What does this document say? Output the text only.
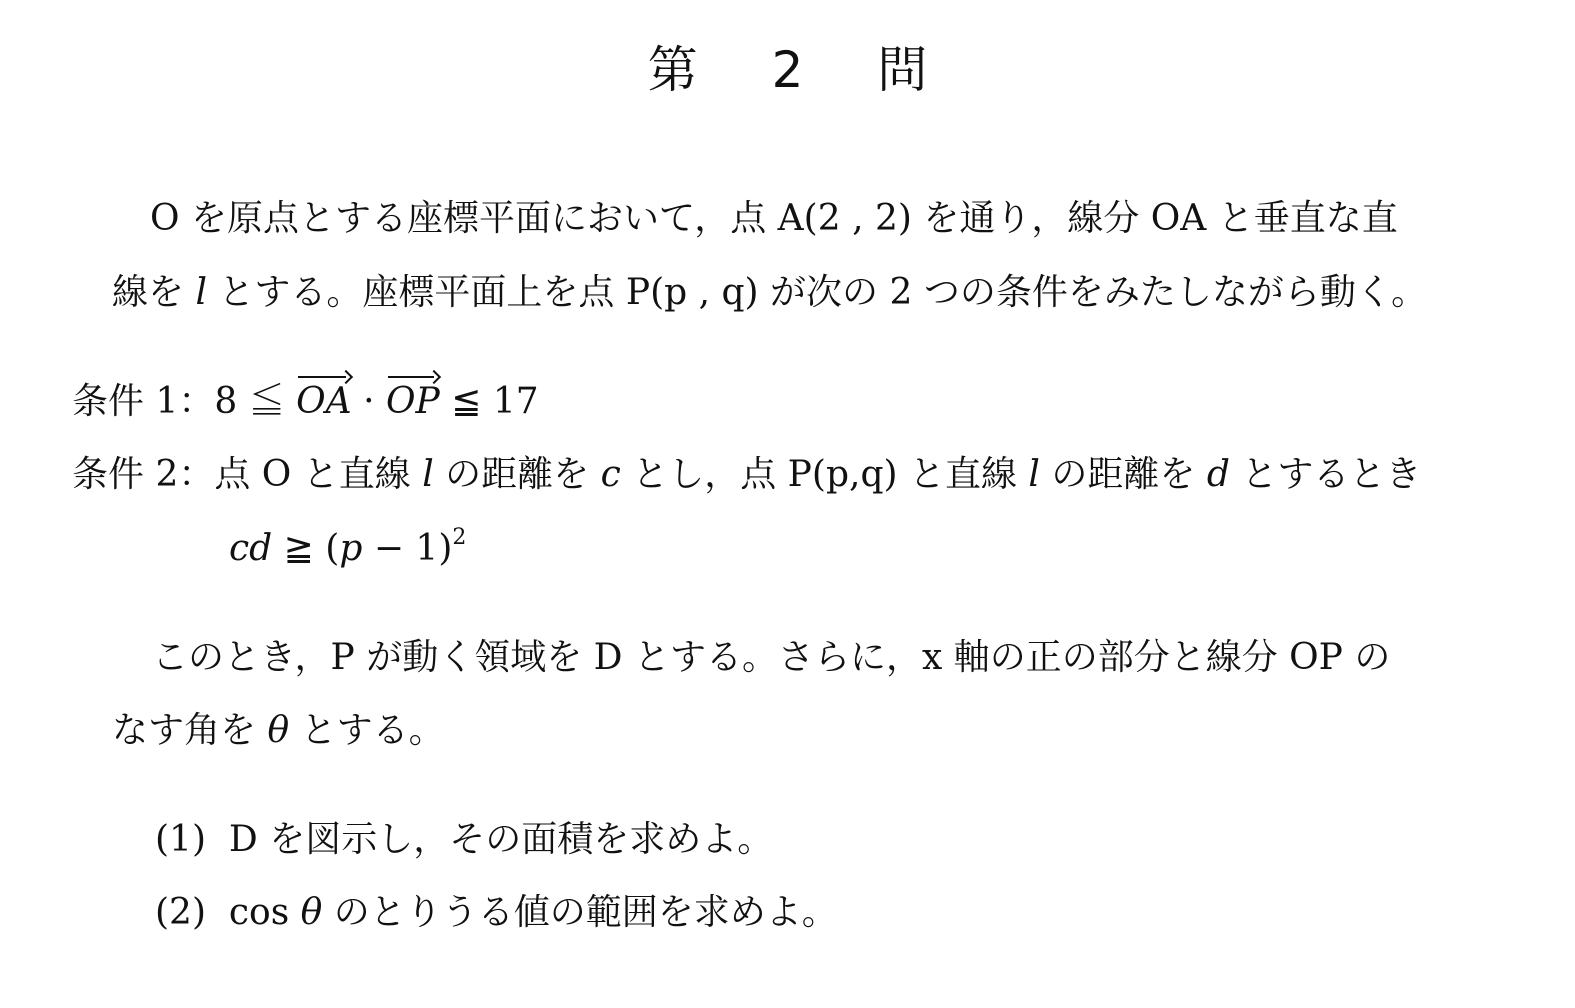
第 2 問
O を原点とする座標平面において，点 A(2 , 2) を通り，線分 OA と垂直な直
線を l とする。座標平面上を点 P(p , q) が次の 2 つの条件をみたしながら動く。
条件 1：8 ≦
OA ·
OP ≦ 17
条件 2：点 O と直線 l の距離を c とし，点 P(p,q) と直線 l の距離を d とするとき
cd ≧ $(p - 1)^2$
このとき，P が動く領域を D とする。さらに，x 軸の正の部分と線分 OP の
なす角を θ とする。
(1) D を図示し，その面積を求めよ。
(2) cos θ のとりうる値の範囲を求めよ。
